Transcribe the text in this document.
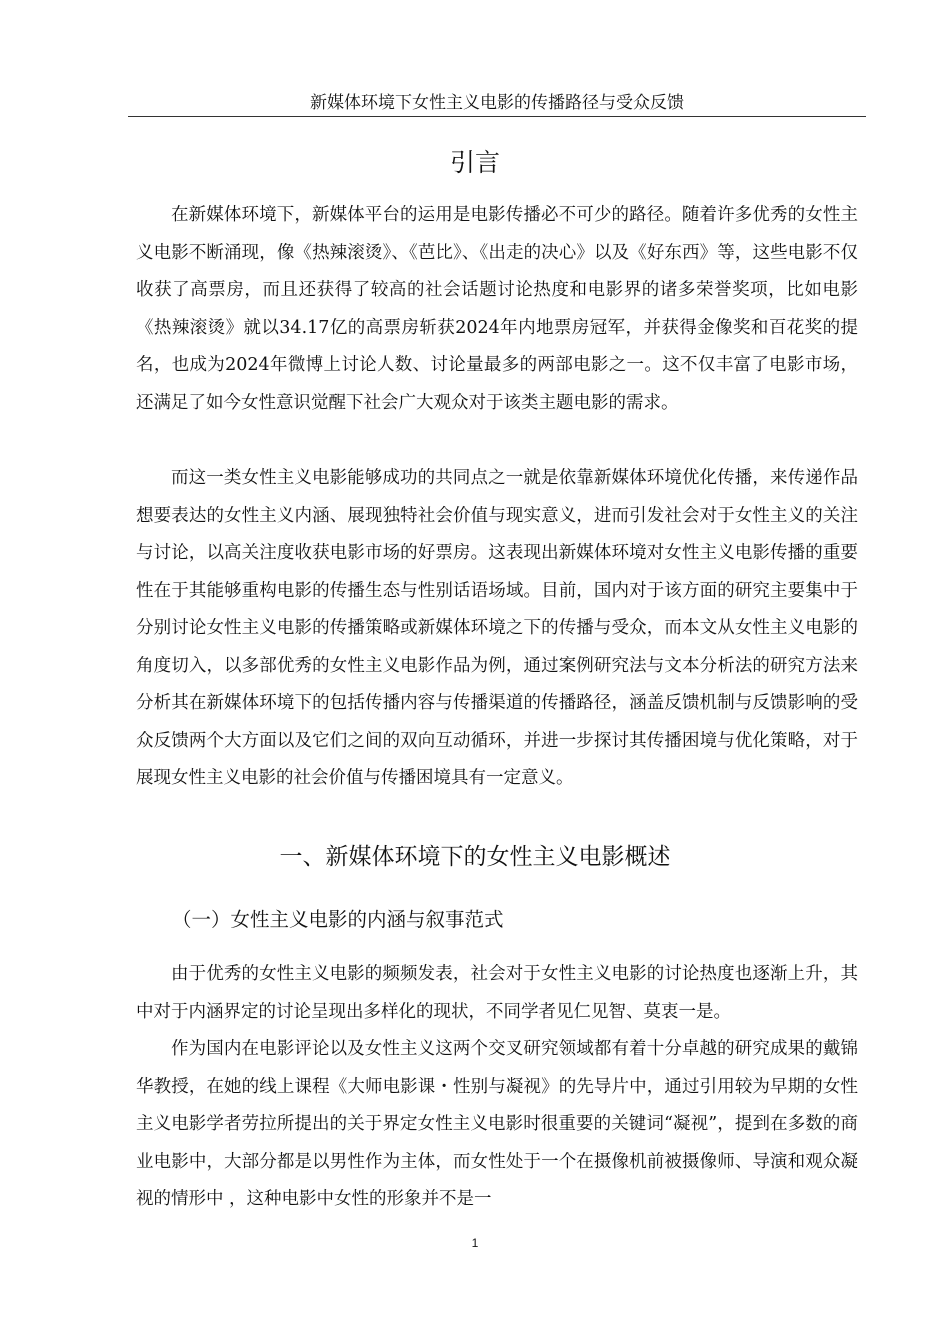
新媒体环境下女性主义电影的传播路径与受众反馈
引言

在新媒体环境下，新媒体平台的运用是电影传播必不可少的路径。随着许多优秀的女性主义电影不断涌现，像《热辣滚烫》、《芭比》、《出走的决心》以及《好东西》等，这些电影不仅收获了高票房，而且还获得了较高的社会话题讨论热度和电影界的诸多荣誉奖项，比如电影《热辣滚烫》就以34.17亿的高票房斩获2024年内地票房冠军，并获得金像奖和百花奖的提名，也成为2024年微博上讨论人数、讨论量最多的两部电影之一。这不仅丰富了电影市场，还满足了如今女性意识觉醒下社会广大观众对于该类主题电影的需求。

而这一类女性主义电影能够成功的共同点之一就是依靠新媒体环境优化传播，来传递作品想要表达的女性主义内涵、展现独特社会价值与现实意义，进而引发社会对于女性主义的关注与讨论，以高关注度收获电影市场的好票房。这表现出新媒体环境对女性主义电影传播的重要性在于其能够重构电影的传播生态与性别话语场域。目前，国内对于该方面的研究主要集中于分别讨论女性主义电影的传播策略或新媒体环境之下的传播与受众，而本文从女性主义电影的角度切入，以多部优秀的女性主义电影作品为例，通过案例研究法与文本分析法的研究方法来分析其在新媒体环境下的包括传播内容与传播渠道的传播路径，涵盖反馈机制与反馈影响的受众反馈两个大方面以及它们之间的双向互动循环，并进一步探讨其传播困境与优化策略，对于展现女性主义电影的社会价值与传播困境具有一定意义。

一、新媒体环境下的女性主义电影概述
（一）女性主义电影的内涵与叙事范式

由于优秀的女性主义电影的频频发表，社会对于女性主义电影的讨论热度也逐渐上升，其中对于内涵界定的讨论呈现出多样化的现状，不同学者见仁见智、莫衷一是。

作为国内在电影评论以及女性主义这两个交叉研究领域都有着十分卓越的研究成果的戴锦华教授，在她的线上课程《大师电影课・性别与凝视》的先导片中，通过引用较为早期的女性主义电影学者劳拉所提出的关于界定女性主义电影时很重要的关键词“凝视”，提到在多数的商业电影中，大部分都是以男性作为主体，而女性处于一个在摄像机前被摄像师、导演和观众凝视的情形中 ，这种电影中女性的形象并不是一

1
